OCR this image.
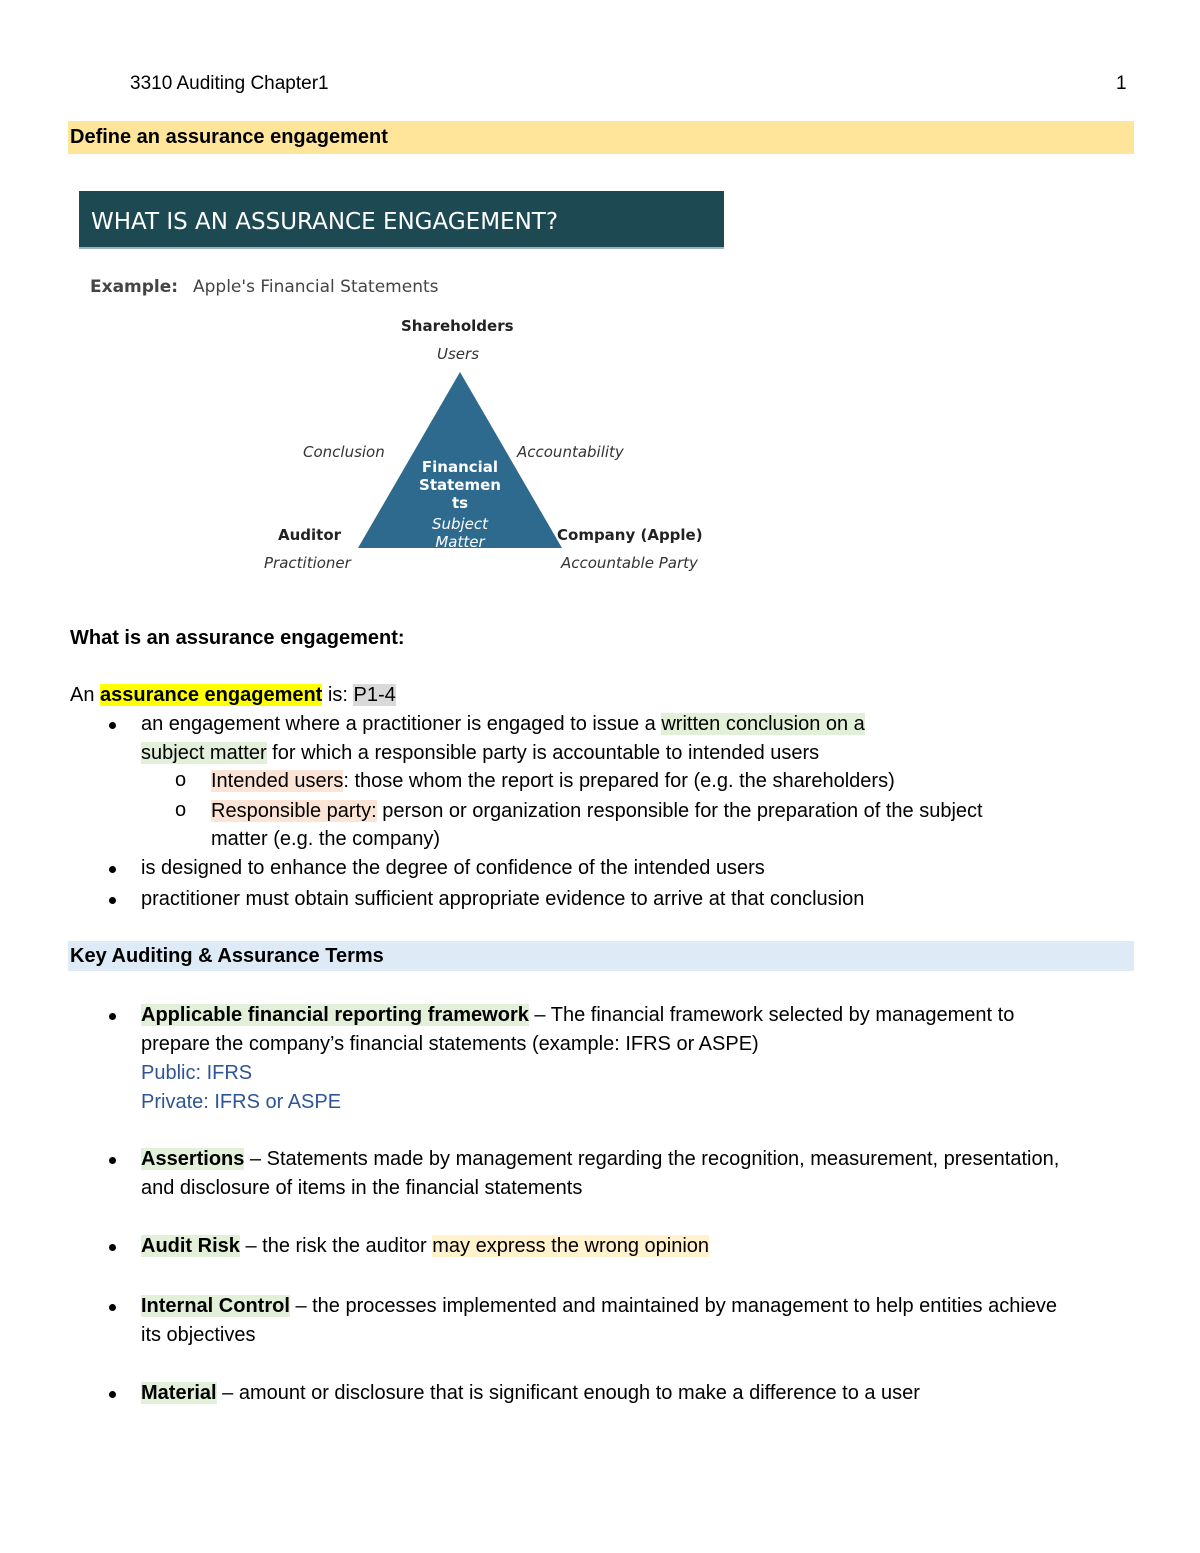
3310 Auditing Chapter1	1
Define an assurance engagement
WHAT IS AN ASSURANCE ENGAGEMENT?
Example: Apple's Financial Statements
Shareholders
Users
Conclusion	Accountability
Financial
Statemen
ts
Subject
Matter
Auditor
Practitioner
Company (Apple)
Accountable Party
What is an assurance engagement:
An assurance engagement is: P1-4
an engagement where a practitioner is engaged to issue a written conclusion on a
subject matter for which a responsible party is accountable to intended users
o Intended users: those whom the report is prepared for (e.g. the shareholders)
o Responsible party: person or organization responsible for the preparation of the subject
matter (e.g. the company)
is designed to enhance the degree of confidence of the intended users
practitioner must obtain sufficient appropriate evidence to arrive at that conclusion
Key Auditing & Assurance Terms
Applicable financial reporting framework – The financial framework selected by management to
prepare the company’s financial statements (example: IFRS or ASPE)
Public: IFRS
Private: IFRS or ASPE
Assertions – Statements made by management regarding the recognition, measurement, presentation,
and disclosure of items in the financial statements
Audit Risk – the risk the auditor may express the wrong opinion
Internal Control – the processes implemented and maintained by management to help entities achieve
its objectives
Material – amount or disclosure that is significant enough to make a difference to a user
